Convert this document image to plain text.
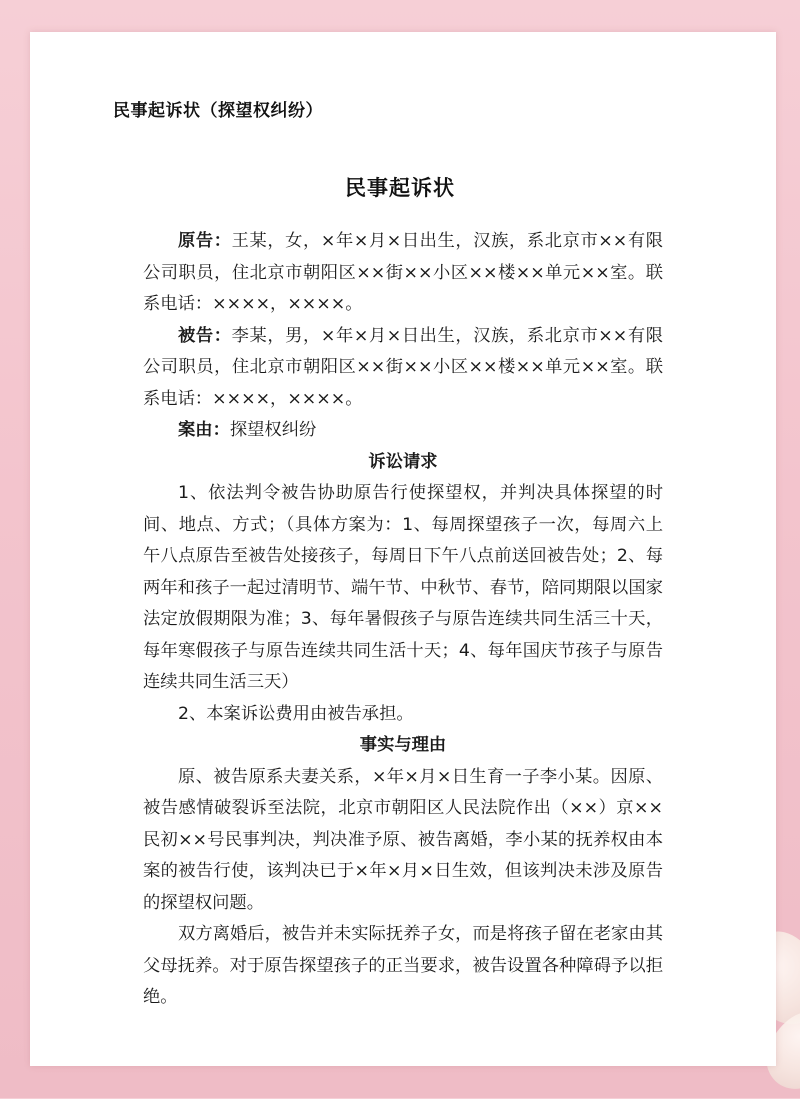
民事起诉状（探望权纠纷）
民事起诉状

原告：王某，女，×年×月×日出生，汉族，系北京市××有限公司职员，住北京市朝阳区××街××小区××楼××单元××室。联系电话：××××，××××。

被告：李某，男，×年×月×日出生，汉族，系北京市××有限公司职员，住北京市朝阳区××街××小区××楼××单元××室。联系电话：××××，××××。

案由：探望权纠纷

诉讼请求

1、依法判令被告协助原告行使探望权，并判决具体探望的时间、地点、方式；（具体方案为：1、每周探望孩子一次，每周六上午八点原告至被告处接孩子，每周日下午八点前送回被告处；2、每两年和孩子一起过清明节、端午节、中秋节、春节，陪同期限以国家法定放假期限为准；3、每年暑假孩子与原告连续共同生活三十天，每年寒假孩子与原告连续共同生活十天；4、每年国庆节孩子与原告连续共同生活三天）

2、本案诉讼费用由被告承担。

事实与理由

原、被告原系夫妻关系，×年×月×日生育一子李小某。因原、被告感情破裂诉至法院，北京市朝阳区人民法院作出（××）京××民初××号民事判决，判决准予原、被告离婚，李小某的抚养权由本案的被告行使，该判决已于×年×月×日生效，但该判决未涉及原告的探望权问题。

双方离婚后，被告并未实际抚养子女，而是将孩子留在老家由其父母抚养。对于原告探望孩子的正当要求，被告设置各种障碍予以拒绝。
